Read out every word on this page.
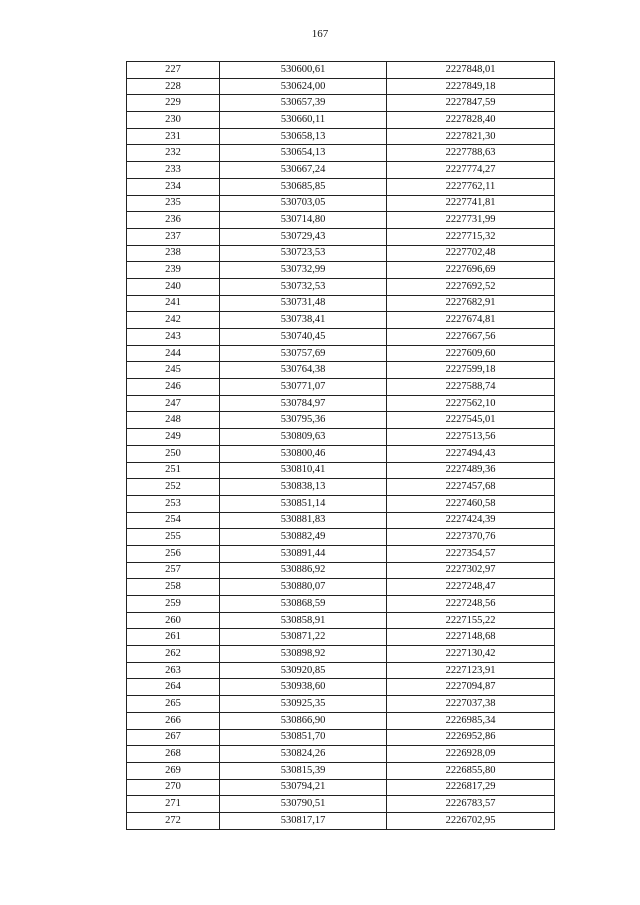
167
227	530600,61	2227848,01
228	530624,00	2227849,18
229	530657,39	2227847,59
230	530660,11	2227828,40
231	530658,13	2227821,30
232	530654,13	2227788,63
233	530667,24	2227774,27
234	530685,85	2227762,11
235	530703,05	2227741,81
236	530714,80	2227731,99
237	530729,43	2227715,32
238	530723,53	2227702,48
239	530732,99	2227696,69
240	530732,53	2227692,52
241	530731,48	2227682,91
242	530738,41	2227674,81
243	530740,45	2227667,56
244	530757,69	2227609,60
245	530764,38	2227599,18
246	530771,07	2227588,74
247	530784,97	2227562,10
248	530795,36	2227545,01
249	530809,63	2227513,56
250	530800,46	2227494,43
251	530810,41	2227489,36
252	530838,13	2227457,68
253	530851,14	2227460,58
254	530881,83	2227424,39
255	530882,49	2227370,76
256	530891,44	2227354,57
257	530886,92	2227302,97
258	530880,07	2227248,47
259	530868,59	2227248,56
260	530858,91	2227155,22
261	530871,22	2227148,68
262	530898,92	2227130,42
263	530920,85	2227123,91
264	530938,60	2227094,87
265	530925,35	2227037,38
266	530866,90	2226985,34
267	530851,70	2226952,86
268	530824,26	2226928,09
269	530815,39	2226855,80
270	530794,21	2226817,29
271	530790,51	2226783,57
272	530817,17	2226702,95
